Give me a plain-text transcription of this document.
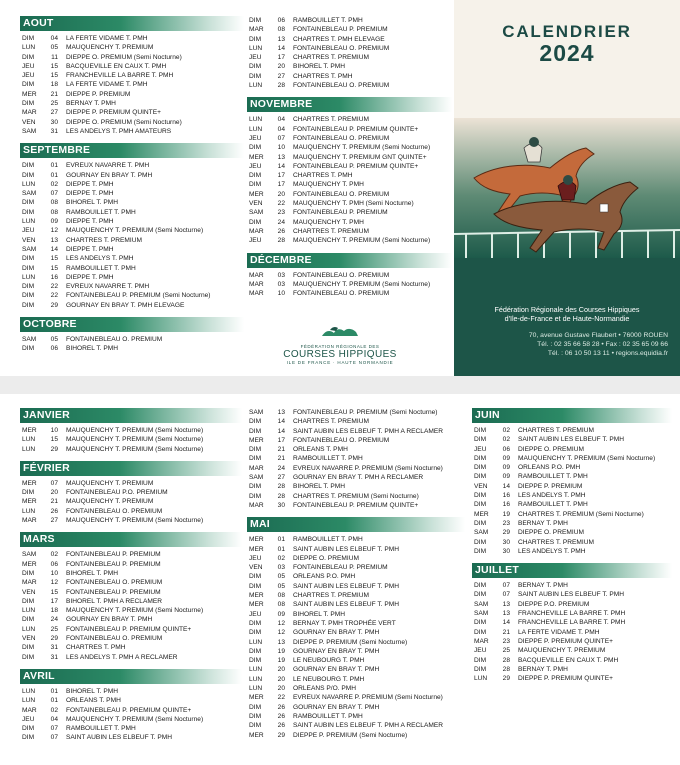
AOUT
DIM	04	LA FERTE VIDAME T. PMH
LUN	05	MAUQUENCHY T. PREMIUM
DIM	11	DIEPPE O. PREMIUM (Semi Nocturne)
JEU	15	BACQUEVILLE EN CAUX T. PMH
JEU	15	FRANCHEVILLE LA BARRE T. PMH
DIM	18	LA FERTE VIDAME T. PMH
MER	21	DIEPPE P. PREMIUM
DIM	25	BERNAY T. PMH
MAR	27	DIEPPE P. PREMIUM QUINTE+
VEN	30	DIEPPE O. PREMIUM (Semi Nocturne)
SAM	31	LES ANDELYS T. PMH AMATEURS
SEPTEMBRE
DIM	01	EVREUX NAVARRE T. PMH
DIM	01	GOURNAY EN BRAY T. PMH
LUN	02	DIEPPE T. PMH
SAM	07	DIEPPE T. PMH
DIM	08	BIHOREL T. PMH
DIM	08	RAMBOUILLET T. PMH
LUN	09	DIEPPE T. PMH
JEU	12	MAUQUENCHY T. PREMIUM (Semi Nocturne)
VEN	13	CHARTRES T. PREMIUM
SAM	14	DIEPPE T. PMH
DIM	15	LES ANDELYS T. PMH
DIM	15	RAMBOUILLET T. PMH
LUN	16	DIEPPE T. PMH
DIM	22	EVREUX NAVARRE T. PMH
DIM	22	FONTAINEBLEAU P. PREMIUM (Semi Nocturne)
DIM	29	GOURNAY EN BRAY T. PMH ELEVAGE
OCTOBRE
SAM	05	FONTAINEBLEAU O. PREMIUM
DIM	06	BIHOREL T. PMH
DIM	06	RAMBOUILLET T. PMH
MAR	08	FONTAINEBLEAU P. PREMIUM
DIM	13	CHARTRES T. PMH ELEVAGE
LUN	14	FONTAINEBLEAU O. PREMIUM
JEU	17	CHARTRES T. PREMIUM
DIM	20	BIHOREL T. PMH
DIM	27	CHARTRES T. PMH
LUN	28	FONTAINEBLEAU O. PREMIUM
NOVEMBRE
LUN	04	CHARTRES T. PREMIUM
LUN	04	FONTAINEBLEAU P. PREMIUM QUINTE+
JEU	07	FONTAINEBLEAU O. PREMIUM
DIM	10	MAUQUENCHY T. PREMIUM (Semi Nocturne)
MER	13	MAUQUENCHY T. PREMIUM GNT QUINTE+
JEU	14	FONTAINEBLEAU P. PREMIUM QUINTE+
DIM	17	CHARTRES T. PMH
DIM	17	MAUQUENCHY T. PMH
MER	20	FONTAINEBLEAU O. PREMIUM
VEN	22	MAUQUENCHY T. PMH (Semi Nocturne)
SAM	23	FONTAINEBLEAU P. PREMIUM
DIM	24	MAUQUENCHY T. PMH
MAR	26	CHARTRES T. PREMIUM
JEU	28	MAUQUENCHY T. PREMIUM (Semi Nocturne)
DÉCEMBRE
MAR	03	FONTAINEBLEAU O. PREMIUM
MAR	03	MAUQUENCHY T. PREMIUM (Semi Nocturne)
MAR	10	FONTAINEBLEAU O. PREMIUM
FÉDÉRATION RÉGIONALE DES
COURSES HIPPIQUES
ILE DE FRANCE · HAUTE NORMANDIE
CALENDRIER
2024
Fédération Régionale des Courses Hippiques
d'Ile-de-France et de Haute-Normandie
70, avenue Gustave Flaubert • 76000 ROUEN
Tél. : 02 35 66 58 28 • Fax : 02 35 65 09 66
Tél. : 06 10 50 13 11 • regions.equidia.fr
JANVIER
MER	10	MAUQUENCHY T. PREMIUM (Semi Nocturne)
LUN	15	MAUQUENCHY T. PREMIUM (Semi Nocturne)
LUN	29	MAUQUENCHY T. PREMIUM (Semi Nocturne)
FÉVRIER
MER	07	MAUQUENCHY T. PREMIUM
DIM	20	FONTAINEBLEAU P.O. PREMIUM
MER	21	MAUQUENCHY T. PREMIUM
LUN	26	FONTAINEBLEAU O. PREMIUM
MAR	27	MAUQUENCHY T. PREMIUM (Semi Nocturne)
MARS
SAM	02	FONTAINEBLEAU P. PREMIUM
MER	06	FONTAINEBLEAU P. PREMIUM
DIM	10	BIHOREL T. PMH
MAR	12	FONTAINEBLEAU O. PREMIUM
VEN	15	FONTAINEBLEAU P. PREMIUM
DIM	17	BIHOREL T. PMH A RECLAMER
LUN	18	MAUQUENCHY T. PREMIUM (Semi Nocturne)
DIM	24	GOURNAY EN BRAY T. PMH
LUN	25	FONTAINEBLEAU P. PREMIUM QUINTE+
VEN	29	FONTAINEBLEAU O. PREMIUM
DIM	31	CHARTRES T. PMH
DIM	31	LES ANDELYS T. PMH A RECLAMER
AVRIL
LUN	01	BIHOREL T. PMH
LUN	01	ORLEANS T. PMH
MAR	02	FONTAINEBLEAU P. PREMIUM QUINTE+
JEU	04	MAUQUENCHY T. PREMIUM (Semi Nocturne)
DIM	07	RAMBOUILLET T. PMH
DIM	07	SAINT AUBIN LES ELBEUF T. PMH
SAM	13	FONTAINEBLEAU P. PREMIUM (Semi Nocturne)
DIM	14	CHARTRES T. PREMIUM
DIM	14	SAINT AUBIN LES ELBEUF T. PMH A RECLAMER
MER	17	FONTAINEBLEAU O. PREMIUM
DIM	21	ORLEANS T. PMH
DIM	21	RAMBOUILLET T. PMH
MAR	24	EVREUX NAVARRE P. PREMIUM (Semi Nocturne)
SAM	27	GOURNAY EN BRAY T. PMH A RECLAMER
DIM	28	BIHOREL T. PMH
DIM	28	CHARTRES T. PREMIUM (Semi Nocturne)
MAR	30	FONTAINEBLEAU P. PREMIUM QUINTE+
MAI
MER	01	RAMBOUILLET T. PMH
MER	01	SAINT AUBIN LES ELBEUF T. PMH
JEU	02	DIEPPE O. PREMIUM
VEN	03	FONTAINEBLEAU P. PREMIUM
DIM	05	ORLEANS P.O. PMH
DIM	05	SAINT AUBIN LES ELBEUF T. PMH
MER	08	CHARTRES T. PREMIUM
MER	08	SAINT AUBIN LES ELBEUF T. PMH
JEU	09	BIHOREL T. PMH
DIM	12	BERNAY T. PMH TROPHÉE VERT
DIM	12	GOURNAY EN BRAY T. PMH
LUN	13	DIEPPE P. PREMIUM (Semi Nocturne)
DIM	19	GOURNAY EN BRAY T. PMH
DIM	19	LE NEUBOURG T. PMH
LUN	20	GOURNAY EN BRAY T. PMH
LUN	20	LE NEUBOURG T. PMH
LUN	20	ORLEANS P/O. PMH
MER	22	EVREUX NAVARRE P. PREMIUM (Semi Nocturne)
DIM	26	GOURNAY EN BRAY T. PMH
DIM	26	RAMBOUILLET T. PMH
DIM	26	SAINT AUBIN LES ELBEUF T. PMH A RECLAMER
MER	29	DIEPPE P. PREMIUM (Semi Nocturne)
JUIN
DIM	02	CHARTRES T. PREMIUM
DIM	02	SAINT AUBIN LES ELBEUF T. PMH
JEU	06	DIEPPE O. PREMIUM
DIM	09	MAUQUENCHY T. PREMIUM (Semi Nocturne)
DIM	09	ORLEANS P.O. PMH
DIM	09	RAMBOUILLET T. PMH
VEN	14	DIEPPE P. PREMIUM
DIM	16	LES ANDELYS T. PMH
DIM	16	RAMBOUILLET T. PMH
MER	19	CHARTRES T. PREMIUM (Semi Nocturne)
DIM	23	BERNAY T. PMH
SAM	29	DIEPPE O. PREMIUM
DIM	30	CHARTRES T. PREMIUM
DIM	30	LES ANDELYS T. PMH
JUILLET
DIM	07	BERNAY T. PMH
DIM	07	SAINT AUBIN LES ELBEUF T. PMH
SAM	13	DIEPPE P.O. PREMIUM
SAM	13	FRANCHEVILLE LA BARRE T. PMH
DIM	14	FRANCHEVILLE LA BARRE T. PMH
DIM	21	LA FERTE VIDAME T. PMH
MAR	23	DIEPPE P. PREMIUM QUINTE+
JEU	25	MAUQUENCHY T. PREMIUM
DIM	28	BACQUEVILLE EN CAUX T. PMH
DIM	28	BERNAY T. PMH
LUN	29	DIEPPE P. PREMIUM QUINTE+
